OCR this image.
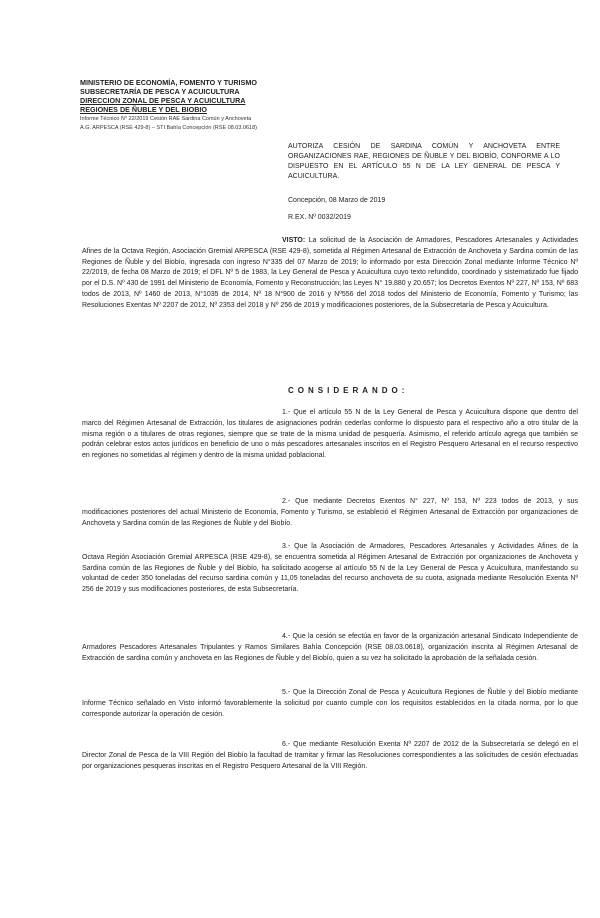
MINISTERIO DE ECONOMÍA, FOMENTO Y TURISMO
SUBSECRETARÍA DE PESCA Y ACUICULTURA
DIRECCION ZONAL DE PESCA Y ACUICULTURA
REGIONES DE ÑUBLE Y DEL BIOBIO
Informe Técnico N° 22/2019 Cesión RAE Sardina Común y Anchoveta
A.G. ARPESCA (RSE 429-8) – STI Bahía Concepción (RSE 08.03.0618)
AUTORIZA CESIÓN DE SARDINA COMÚN Y ANCHOVETA ENTRE ORGANIZACIONES RAE, REGIONES DE ÑUBLE Y DEL BIOBÍO, CONFORME A LO DISPUESTO EN EL ARTÍCULO 55 N DE LA LEY GENERAL DE PESCA Y ACUICULTURA.
Concepción, 08 Marzo de 2019
R.EX. Nº 0032/2019
VISTO: La solicitud de la Asociación de Armadores, Pescadores Artesanales y Actividades Afines de la Octava Región, Asociación Gremial ARPESCA (RSE 429-8), sometida al Régimen Artesanal de Extracción de Anchoveta y Sardina común de las Regiones de Ñuble y del Biobío, ingresada con ingreso N°335 del 07 Marzo de 2019; lo informado por esta Dirección Zonal mediante Informe Técnico Nº 22/2019, de fecha 08 Marzo de 2019; el DFL Nº 5 de 1983, la Ley General de Pesca y Acuicultura cuyo texto refundido, coordinado y sistematizado fue fijado por el D.S. Nº 430 de 1991 del Ministerio de Economía, Fomento y Reconstrucción; las Leyes N° 19.880 y 20.657; los Decretos Exentos Nº 227, Nº 153, Nº 683 todos de 2013, Nº 1460 de 2013, N°1035 de 2014, Nº 18 N°900 de 2016 y Nº556 del 2018 todos del Ministerio de Economía, Fomento y Turismo; las Resoluciones Exentas Nº 2207 de 2012, Nº 2353 del 2018 y Nº 256 de 2019 y modificaciones posteriores, de la Subsecretaría de Pesca y Acuicultura.
CONSIDERANDO:
1.- Que el artículo 55 N de la Ley General de Pesca y Acuicultura dispone que dentro del marco del Régimen Artesanal de Extracción, los titulares de asignaciones podrán cederlas conforme lo dispuesto para el respectivo año a otro titular de la misma región o a titulares de otras regiones, siempre que se trate de la misma unidad de pesquería. Asimismo, el referido artículo agrega que también se podrán celebrar estos actos jurídicos en beneficio de uno o más pescadores artesanales inscritos en el Registro Pesquero Artesanal en el recurso respectivo en regiones no sometidas al régimen y dentro de la misma unidad poblacional.
2.- Que mediante Decretos Exentos N° 227, Nº 153, Nº 223 todos de 2013, y sus modificaciones posteriores del actual Ministerio de Economía, Fomento y Turismo, se estableció el Régimen Artesanal de Extracción por organizaciones de Anchoveta y Sardina común de las Regiones de Ñuble y del Biobío.
3.- Que la Asociación de Armadores, Pescadores Artesanales y Actividades Afines de la Octava Región Asociación Gremial ARPESCA (RSE 429-8), se encuentra sometida al Régimen Artesanal de Extracción por organizaciones de Anchoveta y Sardina común de las Regiones de Ñuble y del Biobío, ha solicitado acogerse al artículo 55 N de la Ley General de Pesca y Acuicultura, manifestando su voluntad de ceder 350 toneladas del recurso sardina común y 11,05 toneladas del recurso anchoveta de su cuota, asignada mediante Resolución Exenta Nº 256 de 2019 y sus modificaciones posteriores, de esta Subsecretaría.
4.- Que la cesión se efectúa en favor de la organización artesanal Sindicato Independiente de Armadores Pescadores Artesanales Tripulantes y Ramos Similares Bahía Concepción (RSE 08.03.0618), organización inscrita al Régimen Artesanal de Extracción de sardina común y anchoveta en las Regiones de Ñuble y del Biobío, quien a su vez ha solicitado la aprobación de la señalada cesión.
5.- Que la Dirección Zonal de Pesca y Acuicultura Regiones de Ñuble y del Biobío mediante Informe Técnico señalado en Visto informó favorablemente la solicitud por cuanto cumple con los requisitos establecidos en la citada norma, por lo que corresponde autorizar la operación de cesión.
6.- Que mediante Resolución Exenta Nº 2207 de 2012 de la Subsecretaría se delegó en el Director Zonal de Pesca de la VIII Región del Biobío la facultad de tramitar y firmar las Resoluciones correspondientes a las solicitudes de cesión efectuadas por organizaciones pesqueras inscritas en el Registro Pesquero Artesanal de la VIII Región.
